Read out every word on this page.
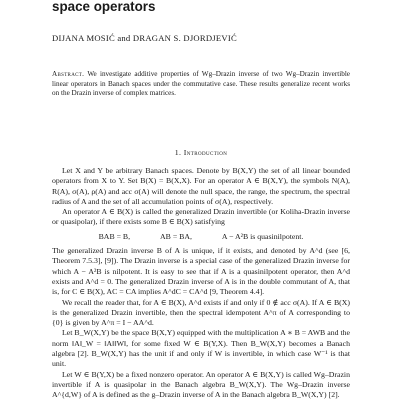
space operators
DIJANA MOSIĆ and DRAGAN S. DJORDJEVIĆ
Abstract. We investigate additive properties of Wg–Drazin inverse of two Wg–Drazin invertible linear operators in Banach spaces under the commutative case. These results generalize recent works on the Drazin inverse of complex matrices.
1. Introduction

Let X and Y be arbitrary Banach spaces. Denote by B(X,Y) the set of all linear bounded operators from X to Y. Set B(X) = B(X,X). For an operator A ∈ B(X,Y), the symbols N(A), R(A), σ(A), ρ(A) and acc σ(A) will denote the null space, the range, the spectrum, the spectral radius of A and the set of all accumulation points of σ(A), respectively.

An operator A ∈ B(X) is called the generalized Drazin invertible (or Koliha-Drazin inverse or quasipolar), if there exists some B ∈ B(X) satisfying

BAB = B,	AB = BA,	A − A²B is quasinilpotent.

The generalized Drazin inverse B of A is unique, if it exists, and denoted by A^d (see [6, Theorem 7.5.3], [9]). The Drazin inverse is a special case of the generalized Drazin inverse for which A − A²B is nilpotent. It is easy to see that if A is a quasinilpotent operator, then A^d exists and A^d = 0. The generalized Drazin inverse of A is in the double commutant of A, that is, for C ∈ B(X), AC = CA implies A^dC = CA^d [9, Theorem 4.4].

We recall the reader that, for A ∈ B(X), A^d exists if and only if 0 ∉ acc σ(A). If A ∈ B(X) is the generalized Drazin invertible, then the spectral idempotent A^π of A corresponding to {0} is given by A^π = I − AA^d.

Let B_W(X,Y) be the space B(X,Y) equipped with the multiplication A ∗ B = AWB and the norm ‖A‖_W = ‖A‖‖W‖, for some fixed W ∈ B(Y,X). Then B_W(X,Y) becomes a Banach algebra [2]. B_W(X,Y) has the unit if and only if W is invertible, in which case W⁻¹ is that unit.

Let W ∈ B(Y,X) be a fixed nonzero operator. An operator A ∈ B(X,Y) is called Wg–Drazin invertible if A is quasipolar in the Banach algebra B_W(X,Y). The Wg–Drazin inverse A^{d,W} of A is defined as the g–Drazin inverse of A in the Banach algebra B_W(X,Y) [2].
